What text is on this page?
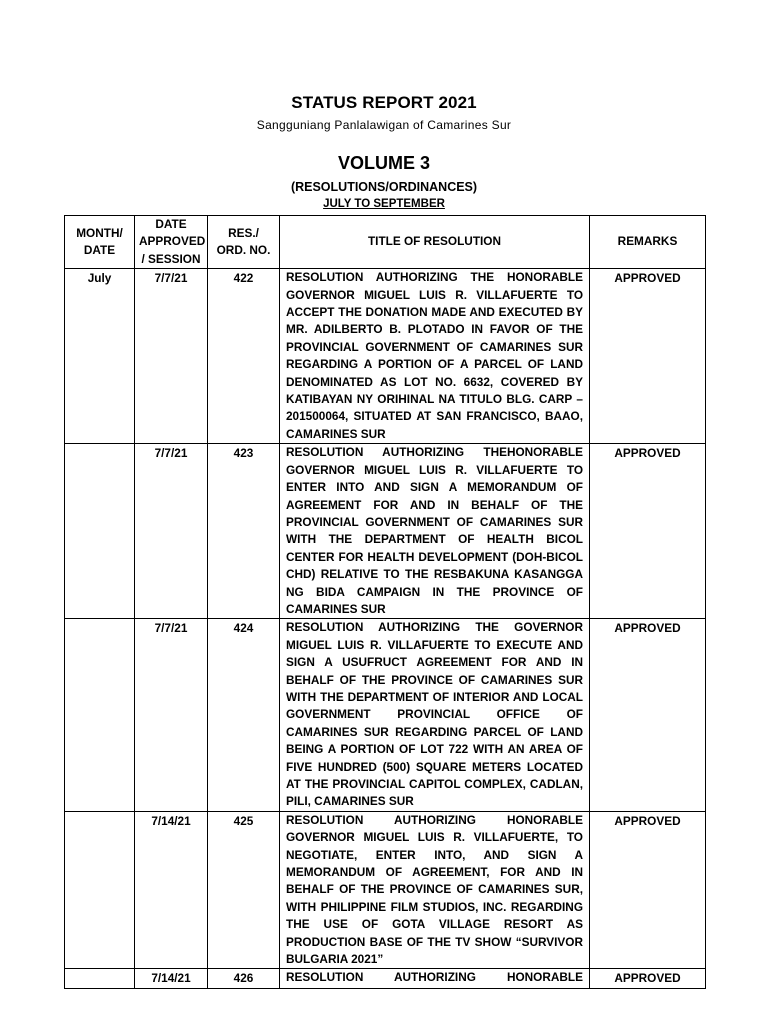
STATUS REPORT 2021
Sangguniang Panlalawigan of Camarines Sur
VOLUME 3
(RESOLUTIONS/ORDINANCES)
JULY TO SEPTEMBER
MONTH/ DATE	DATE APPROVED / SESSION	RES./ ORD. NO.	TITLE OF RESOLUTION	REMARKS
July	7/7/21	422	RESOLUTION AUTHORIZING THE HONORABLE GOVERNOR MIGUEL LUIS R. VILLAFUERTE TO ACCEPT THE DONATION MADE AND EXECUTED BY MR. ADILBERTO B. PLOTADO IN FAVOR OF THE PROVINCIAL GOVERNMENT OF CAMARINES SUR REGARDING A PORTION OF A PARCEL OF LAND DENOMINATED AS LOT NO. 6632, COVERED BY KATIBAYAN NY ORIHINAL NA TITULO BLG. CARP – 201500064, SITUATED AT SAN FRANCISCO, BAAO, CAMARINES SUR	APPROVED
	7/7/21	423	RESOLUTION AUTHORIZING THEHONORABLE GOVERNOR MIGUEL LUIS R. VILLAFUERTE TO ENTER INTO AND SIGN A MEMORANDUM OF AGREEMENT FOR AND IN BEHALF OF THE PROVINCIAL GOVERNMENT OF CAMARINES SUR WITH THE DEPARTMENT OF HEALTH BICOL CENTER FOR HEALTH DEVELOPMENT (DOH-BICOL CHD) RELATIVE TO THE RESBAKUNA KASANGGA NG BIDA CAMPAIGN IN THE PROVINCE OF CAMARINES SUR	APPROVED
	7/7/21	424	RESOLUTION AUTHORIZING THE GOVERNOR MIGUEL LUIS R. VILLAFUERTE TO EXECUTE AND SIGN A USUFRUCT AGREEMENT FOR AND IN BEHALF OF THE PROVINCE OF CAMARINES SUR WITH THE DEPARTMENT OF INTERIOR AND LOCAL GOVERNMENT PROVINCIAL OFFICE OF CAMARINES SUR REGARDING PARCEL OF LAND BEING A PORTION OF LOT 722 WITH AN AREA OF FIVE HUNDRED (500) SQUARE METERS LOCATED AT THE PROVINCIAL CAPITOL COMPLEX, CADLAN, PILI, CAMARINES SUR	APPROVED
	7/14/21	425	RESOLUTION AUTHORIZING HONORABLE GOVERNOR MIGUEL LUIS R. VILLAFUERTE, TO NEGOTIATE, ENTER INTO, AND SIGN A MEMORANDUM OF AGREEMENT, FOR AND IN BEHALF OF THE PROVINCE OF CAMARINES SUR, WITH PHILIPPINE FILM STUDIOS, INC. REGARDING THE USE OF GOTA VILLAGE RESORT AS PRODUCTION BASE OF THE TV SHOW “SURVIVOR BULGARIA 2021”	APPROVED
	7/14/21	426	RESOLUTION AUTHORIZING HONORABLE	APPROVED
